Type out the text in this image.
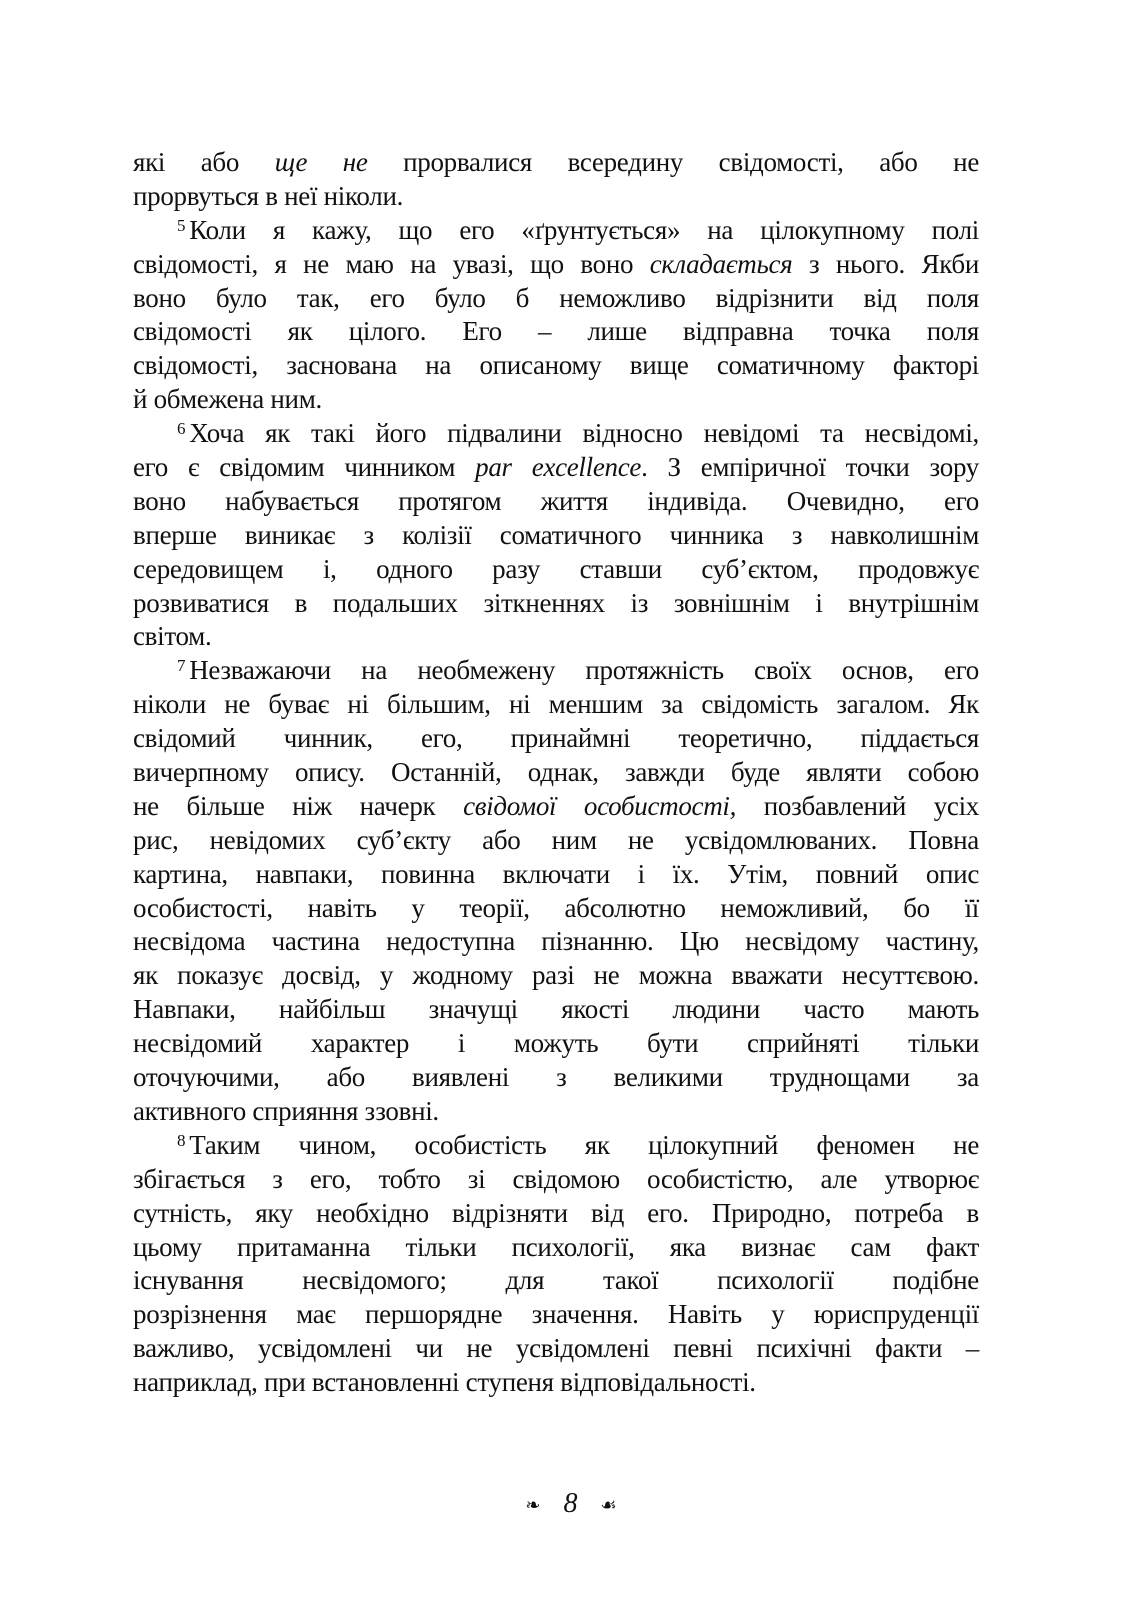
які або ще не прорвалися всередину свідомості, або не
прорвуться в неї ніколи.
$^5$ Коли я кажу, що его «ґрунтується» на цілокупному полі
свідомості, я не маю на увазі, що воно складається з нього. Якби
воно було так, его було б неможливо відрізнити від поля
свідомості як цілого. Его – лише відправна точка поля
свідомості, заснована на описаному вище соматичному факторі
й обмежена ним.
$^6$ Хоча як такі його підвалини відносно невідомі та несвідомі,
его є свідомим чинником par excellence. З емпіричної точки зору
воно набувається протягом життя індивіда. Очевидно, его
вперше виникає з колізії соматичного чинника з навколишнім
середовищем і, одного разу ставши суб’єктом, продовжує
розвиватися в подальших зіткненнях із зовнішнім і внутрішнім
світом.
$^7$ Незважаючи на необмежену протяжність своїх основ, его
ніколи не буває ні більшим, ні меншим за свідомість загалом. Як
свідомий чинник, его, принаймні теоретично, піддається
вичерпному опису. Останній, однак, завжди буде являти собою
не більше ніж начерк свідомої особистості, позбавлений усіх
рис, невідомих суб’єкту або ним не усвідомлюваних. Повна
картина, навпаки, повинна включати і їх. Утім, повний опис
особистості, навіть у теорії, абсолютно неможливий, бо її
несвідома частина недоступна пізнанню. Цю несвідому частину,
як показує досвід, у жодному разі не можна вважати несуттєвою.
Навпаки, найбільш значущі якості людини часто мають
несвідомий характер і можуть бути сприйняті тільки
оточуючими, або виявлені з великими труднощами за
активного сприяння ззовні.
$^8$ Таким чином, особистість як цілокупний феномен не
збігається з его, тобто зі свідомою особистістю, але утворює
сутність, яку необхідно відрізняти від его. Природно, потреба в
цьому притаманна тільки психології, яка визнає сам факт
існування несвідомого; для такої психології подібне
розрізнення має першорядне значення. Навіть у юриспруденції
важливо, усвідомлені чи не усвідомлені певні психічні факти –
наприклад, при встановленні ступеня відповідальності.
❧ 8 ☙
